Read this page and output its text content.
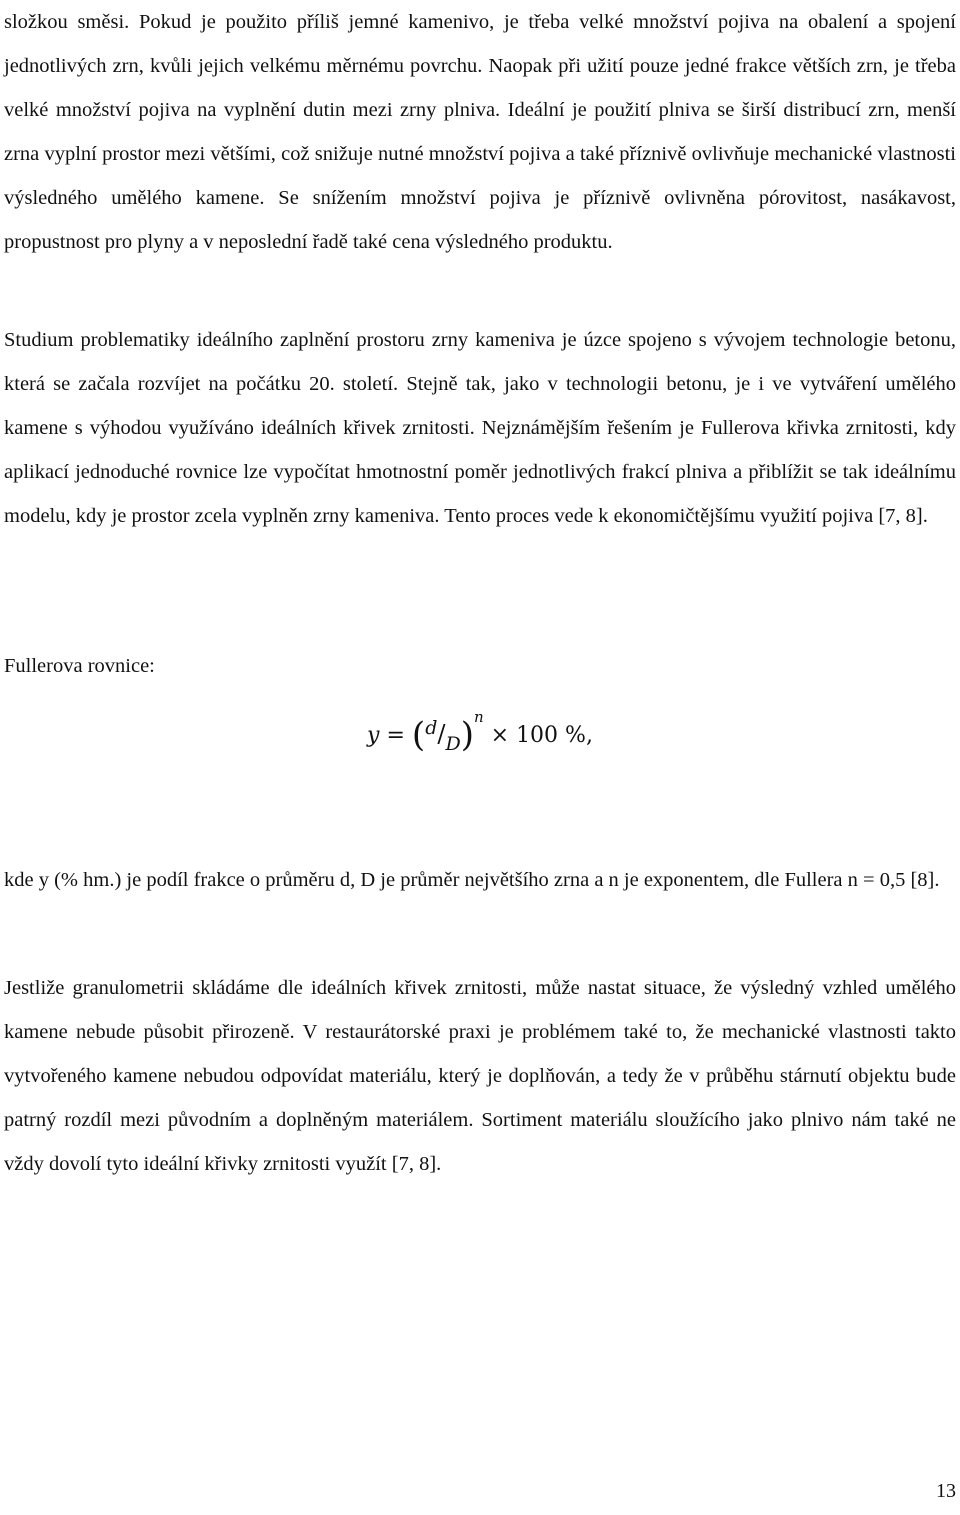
složkou směsi. Pokud je použito příliš jemné kamenivo, je třeba velké množství pojiva na obalení a spojení jednotlivých zrn, kvůli jejich velkému měrnému povrchu. Naopak při užití pouze jedné frakce větších zrn, je třeba velké množství pojiva na vyplnění dutin mezi zrny plniva. Ideální je použití plniva se širší distribucí zrn, menší zrna vyplní prostor mezi většími, což snižuje nutné množství pojiva a také příznivě ovlivňuje mechanické vlastnosti výsledného umělého kamene. Se snížením množství pojiva je příznivě ovlivněna pórovitost, nasákavost, propustnost pro plyny a v neposlední řadě také cena výsledného produktu.

Studium problematiky ideálního zaplnění prostoru zrny kameniva je úzce spojeno s vývojem technologie betonu, která se začala rozvíjet na počátku 20. století. Stejně tak, jako v technologii betonu, je i ve vytváření umělého kamene s výhodou využíváno ideálních křivek zrnitosti. Nejznámějším řešením je Fullerova křivka zrnitosti, kdy aplikací jednoduché rovnice lze vypočítat hmotnostní poměr jednotlivých frakcí plniva a přiblížit se tak ideálnímu modelu, kdy je prostor zcela vyplněn zrny kameniva. Tento proces vede k ekonomičtějšímu využití pojiva [7, 8].

Fullerova rovnice:

$y = (d/D)^n \times 100$ %,

kde y (% hm.) je podíl frakce o průměru d, D je průměr největšího zrna a n je exponentem, dle Fullera n = 0,5 [8].

Jestliže granulometrii skládáme dle ideálních křivek zrnitosti, může nastat situace, že výsledný vzhled umělého kamene nebude působit přirozeně. V restaurátorské praxi je problémem také to, že mechanické vlastnosti takto vytvořeného kamene nebudou odpovídat materiálu, který je doplňován, a tedy že v průběhu stárnutí objektu bude patrný rozdíl mezi původním a doplněným materiálem. Sortiment materiálu sloužícího jako plnivo nám také ne vždy dovolí tyto ideální křivky zrnitosti využít [7, 8].

13
